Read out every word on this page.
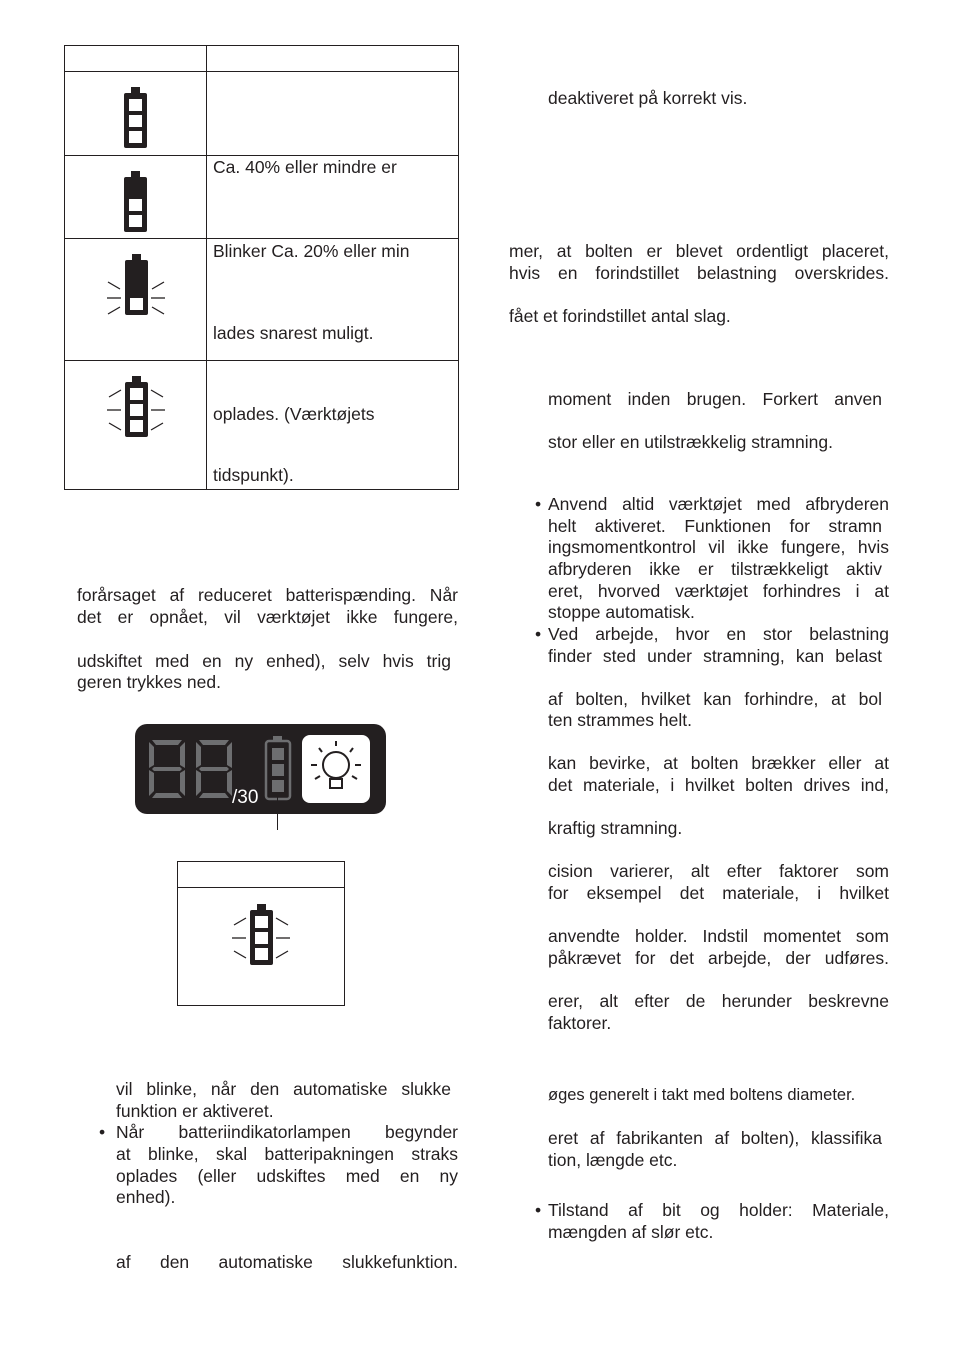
Ca. 40% eller mindre er
Blinker Ca. 20% eller min
lades snarest muligt.
oplades. (Værktøjets
tidspunkt).
forårsaget af reduceret batterispænding. Når
det er opnået, vil værktøjet ikke fungere,
udskiftet med en ny enhed), selv hvis trig
geren trykkes ned.
/30
vil blinke, når den automatiske slukke
funktion er aktiveret.
• Når batteriindikatorlampen begynder
at blinke, skal batteripakningen straks
oplades (eller udskiftes med en ny
enhed).
af den automatiske slukkefunktion.
deaktiveret på korrekt vis.
mer, at bolten er blevet ordentligt placeret,
hvis en forindstillet belastning overskrides.
fået et forindstillet antal slag.
moment inden brugen. Forkert anven
stor eller en utilstrækkelig stramning.
• Anvend altid værktøjet med afbryderen
helt aktiveret. Funktionen for stramn
ingsmomentkontrol vil ikke fungere, hvis
afbryderen ikke er tilstrækkeligt aktiv
eret, hvorved værktøjet forhindres i at
stoppe automatisk.
• Ved arbejde, hvor en stor belastning
finder sted under stramning, kan belast
af bolten, hvilket kan forhindre, at bol
ten strammes helt.
kan bevirke, at bolten brækker eller at
det materiale, i hvilket bolten drives ind,
kraftig stramning.
cision varierer, alt efter faktorer som
for eksempel det materiale, i hvilket
anvendte holder. Indstil momentet som
påkrævet for det arbejde, der udføres.
erer, alt efter de herunder beskrevne
faktorer.
øges generelt i takt med boltens diameter.
eret af fabrikanten af bolten), klassifika
tion, længde etc.
• Tilstand af bit og holder: Materiale,
mængden af slør etc.
